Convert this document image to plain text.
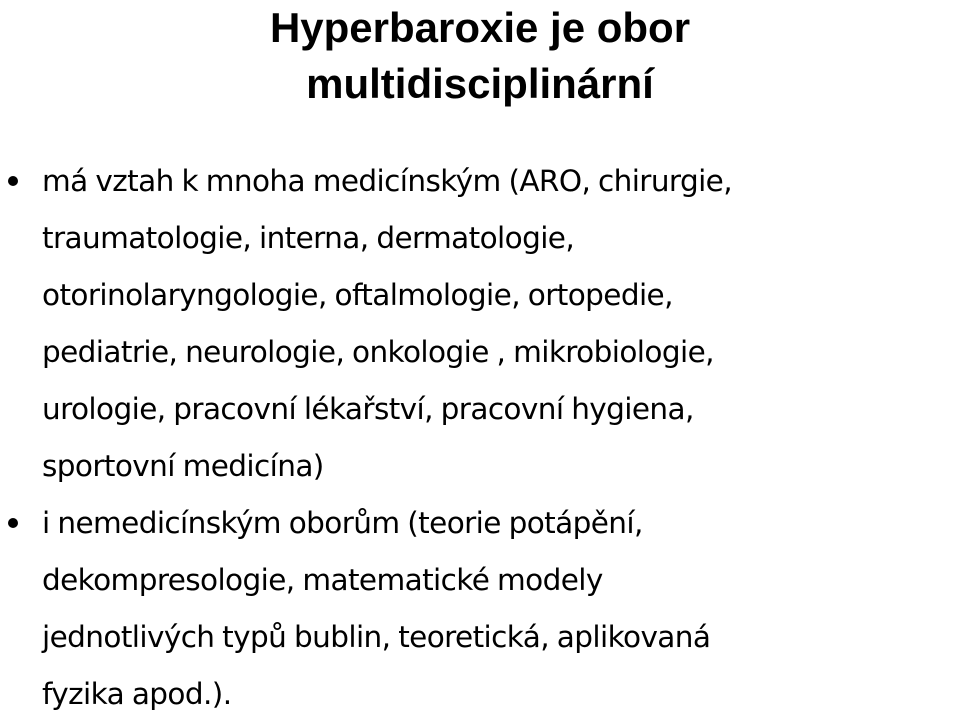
Hyperbaroxie je obor
multidisciplinární
má vztah k mnoha medicínským (ARO, chirurgie,
traumatologie, interna, dermatologie,
otorinolaryngologie, oftalmologie, ortopedie,
pediatrie, neurologie, onkologie , mikrobiologie,
urologie, pracovní lékařství, pracovní hygiena,
sportovní medicína)
i nemedicínským oborům (teorie potápění,
dekompresologie, matematické modely
jednotlivých typů bublin, teoretická, aplikovaná
fyzika apod.).
